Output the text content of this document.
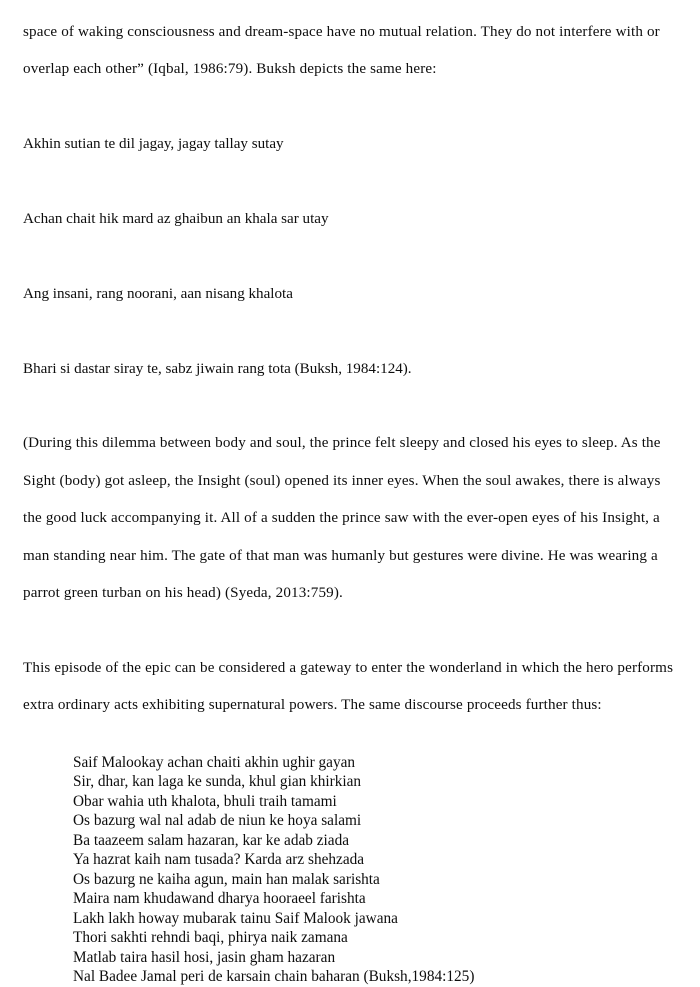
space of waking consciousness and dream-space have no mutual relation. They do not interfere with or overlap each other” (Iqbal, 1986:79). Buksh depicts the same here:

Akhin sutian te dil jagay, jagay tallay sutay

Achan chait hik mard az ghaibun an khala sar utay

Ang insani, rang noorani, aan nisang khalota

Bhari si dastar siray te, sabz jiwain rang tota (Buksh, 1984:124).

(During this dilemma between body and soul, the prince felt sleepy and closed his eyes to sleep. As the Sight (body) got asleep, the Insight (soul) opened its inner eyes. When the soul awakes, there is always the good luck accompanying it. All of a sudden the prince saw with the ever-open eyes of his Insight, a man standing near him. The gate of that man was humanly but gestures were divine. He was wearing a parrot green turban on his head) (Syeda, 2013:759).

This episode of the epic can be considered a gateway to enter the wonderland in which the hero performs extra ordinary acts exhibiting supernatural powers. The same discourse proceeds further thus:

Saif Malookay achan chaiti akhin ughir gayan

Sir, dhar, kan laga ke sunda, khul gian khirkian

Obar wahia uth khalota, bhuli traih tamami

Os bazurg wal nal adab de niun ke hoya salami

Ba taazeem salam hazaran, kar ke adab ziada

Ya hazrat kaih nam tusada? Karda arz shehzada

Os bazurg ne kaiha agun, main han malak sarishta

Maira nam khudawand dharya hooraeel farishta

Lakh lakh howay mubarak tainu Saif Malook jawana

Thori sakhti rehndi baqi, phirya naik zamana

Matlab taira hasil hosi, jasin gham hazaran

Nal Badee Jamal peri de karsain chain baharan (Buksh,1984:125)
